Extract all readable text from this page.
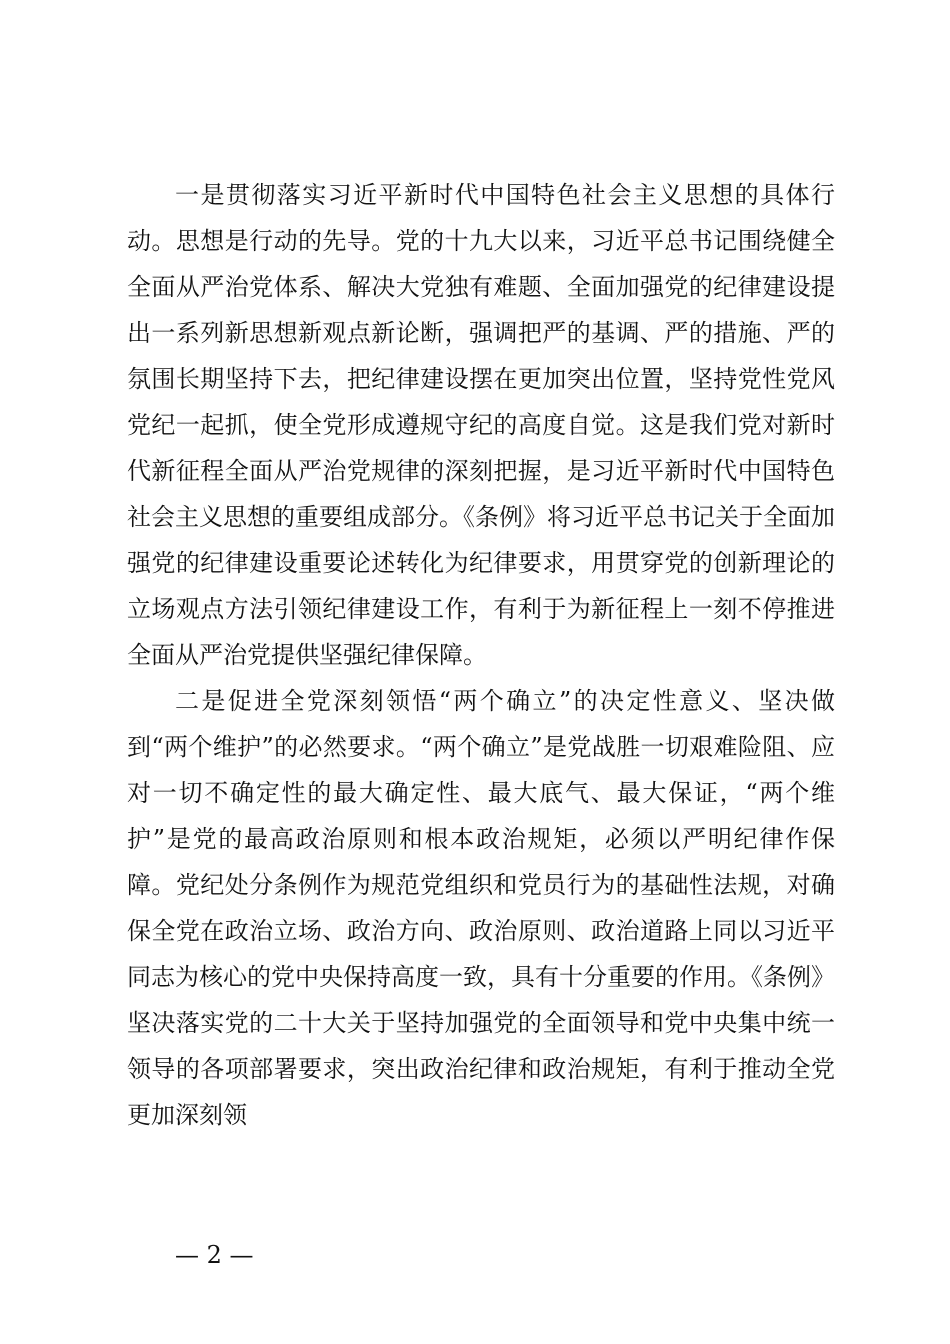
一是贯彻落实习近平新时代中国特色社会主义思想的具体行动。思想是行动的先导。党的十九大以来，习近平总书记围绕健全全面从严治党体系、解决大党独有难题、全面加强党的纪律建设提出一系列新思想新观点新论断，强调把严的基调、严的措施、严的氛围长期坚持下去，把纪律建设摆在更加突出位置，坚持党性党风党纪一起抓，使全党形成遵规守纪的高度自觉。这是我们党对新时代新征程全面从严治党规律的深刻把握，是习近平新时代中国特色社会主义思想的重要组成部分。《条例》将习近平总书记关于全面加强党的纪律建设重要论述转化为纪律要求，用贯穿党的创新理论的立场观点方法引领纪律建设工作，有利于为新征程上一刻不停推进全面从严治党提供坚强纪律保障。

二是促进全党深刻领悟“两个确立”的决定性意义、坚决做到“两个维护”的必然要求。“两个确立”是党战胜一切艰难险阻、应对一切不确定性的最大确定性、最大底气、最大保证，“两个维护”是党的最高政治原则和根本政治规矩，必须以严明纪律作保障。党纪处分条例作为规范党组织和党员行为的基础性法规，对确保全党在政治立场、政治方向、政治原则、政治道路上同以习近平同志为核心的党中央保持高度一致，具有十分重要的作用。《条例》坚决落实党的二十大关于坚持加强党的全面领导和党中央集中统一领导的各项部署要求，突出政治纪律和政治规矩，有利于推动全党更加深刻领

— 2 —
